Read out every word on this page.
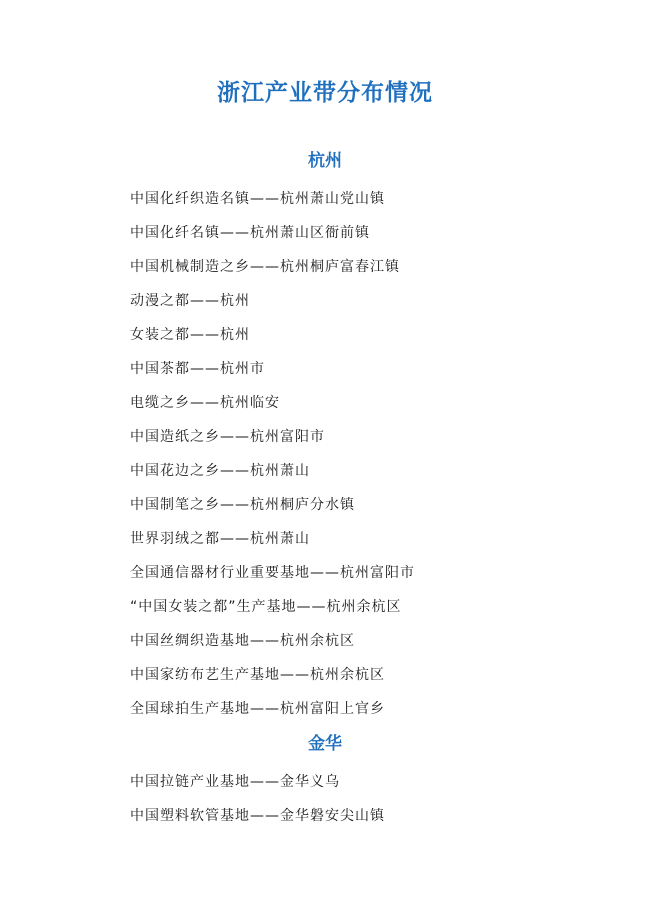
浙江产业带分布情况
杭州
中国化纤织造名镇——杭州萧山党山镇
中国化纤名镇——杭州萧山区衙前镇
中国机械制造之乡——杭州桐庐富春江镇
动漫之都——杭州
女装之都——杭州
中国茶都——杭州市
电缆之乡——杭州临安
中国造纸之乡——杭州富阳市
中国花边之乡——杭州萧山
中国制笔之乡——杭州桐庐分水镇
世界羽绒之都——杭州萧山
全国通信器材行业重要基地——杭州富阳市
“中国女装之都”生产基地——杭州余杭区
中国丝绸织造基地——杭州余杭区
中国家纺布艺生产基地——杭州余杭区
全国球拍生产基地——杭州富阳上官乡
金华
中国拉链产业基地——金华义乌
中国塑料软管基地——金华磐安尖山镇
